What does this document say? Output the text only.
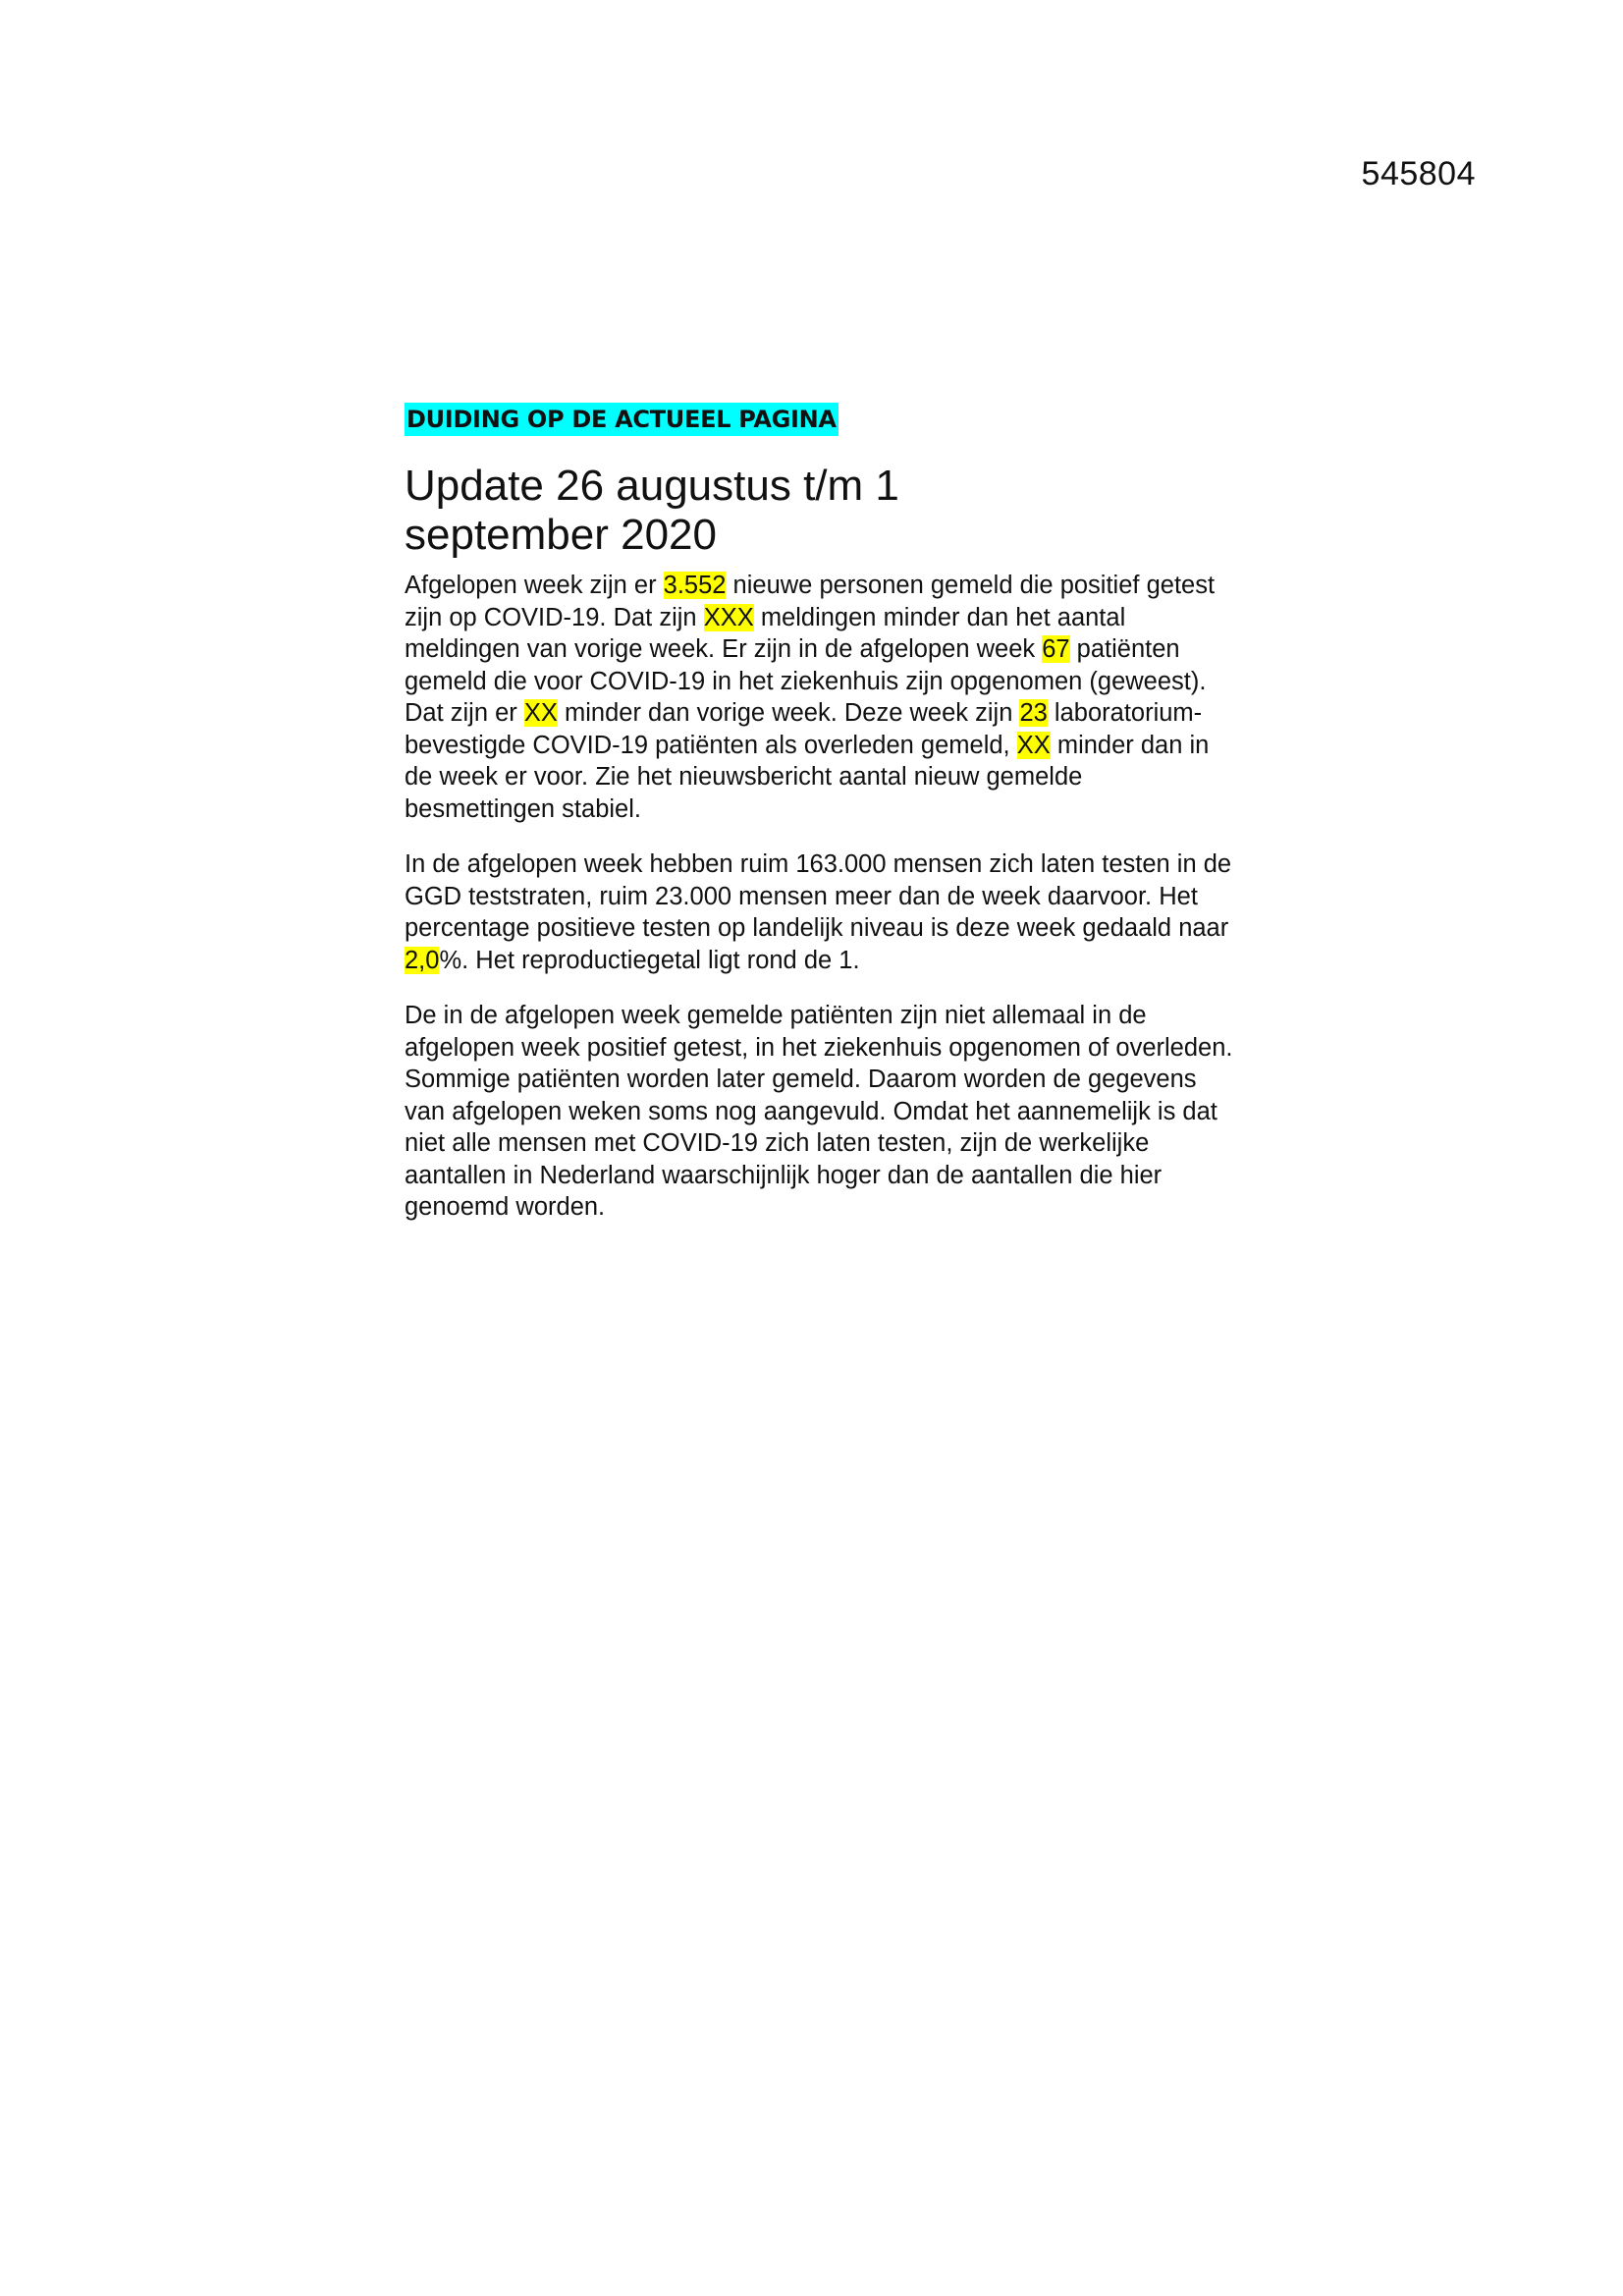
545804
DUIDING OP DE ACTUEEL PAGINA
Update 26 augustus t/m 1 september 2020

Afgelopen week zijn er 3.552 nieuwe personen gemeld die positief getest zijn op COVID-19. Dat zijn XXX meldingen minder dan het aantal meldingen van vorige week. Er zijn in de afgelopen week 67 patiënten gemeld die voor COVID-19 in het ziekenhuis zijn opgenomen (geweest). Dat zijn er XX minder dan vorige week. Deze week zijn 23 laboratorium-bevestigde COVID-19 patiënten als overleden gemeld, XX minder dan in de week er voor. Zie het nieuwsbericht aantal nieuw gemelde besmettingen stabiel.

In de afgelopen week hebben ruim 163.000 mensen zich laten testen in de GGD teststraten, ruim 23.000 mensen meer dan de week daarvoor. Het percentage positieve testen op landelijk niveau is deze week gedaald naar 2,0%. Het reproductiegetal ligt rond de 1.

De in de afgelopen week gemelde patiënten zijn niet allemaal in de afgelopen week positief getest, in het ziekenhuis opgenomen of overleden. Sommige patiënten worden later gemeld. Daarom worden de gegevens van afgelopen weken soms nog aangevuld. Omdat het aannemelijk is dat niet alle mensen met COVID-19 zich laten testen, zijn de werkelijke aantallen in Nederland waarschijnlijk hoger dan de aantallen die hier genoemd worden.
